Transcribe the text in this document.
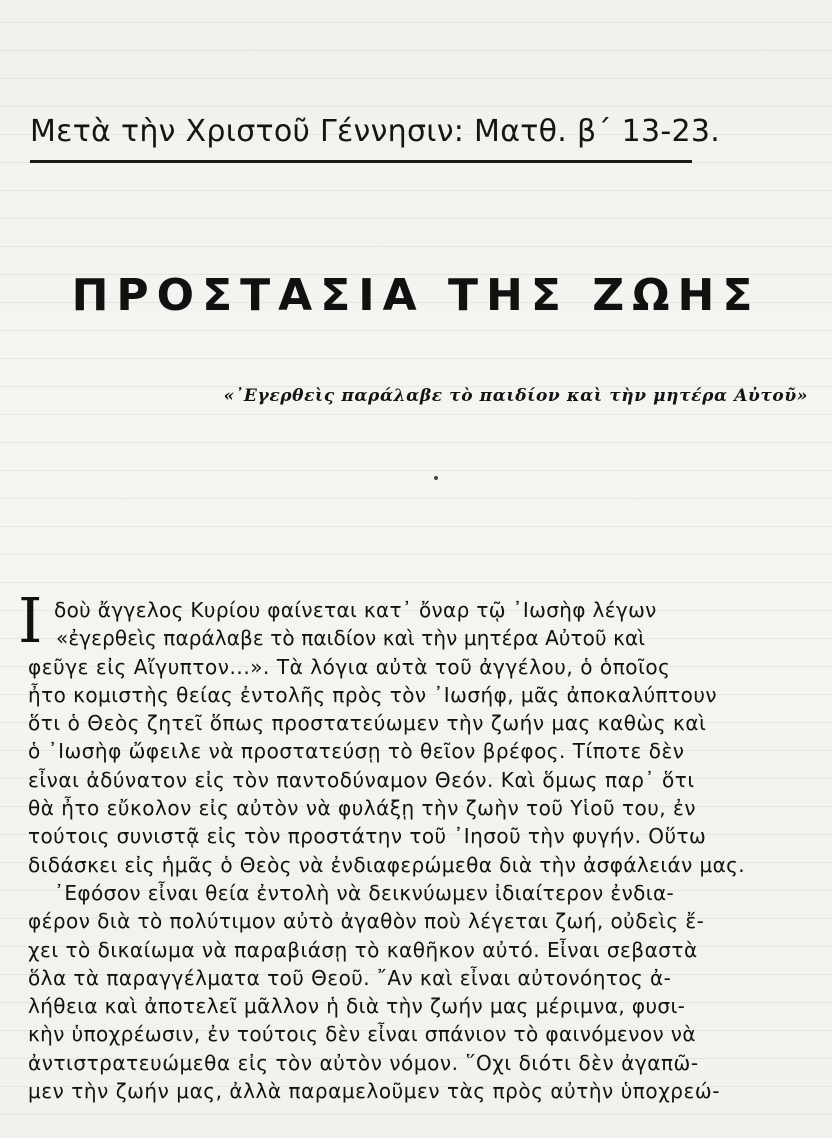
Μετὰ τὴν Χριστοῦ Γέννησιν: Ματθ. β΄ 13-23.
ΠΡΟΣΤΑΣΙΑ ΤΗΣ ΖΩΗΣ
«᾿Εγερθεὶς παράλαβε τὸ παιδίον καὶ τὴν μητέρα Αὐτοῦ»
Ι δοὺ ἄγγελος Κυρίου φαίνεται κατ᾿ ὄναρ τῷ ᾿Ιωσὴφ λέγων
«ἐγερθεὶς παράλαβε τὸ παιδίον καὶ τὴν μητέρα Αὐτοῦ καὶ
φεῦγε εἰς Αἴγυπτον...». Τὰ λόγια αὐτὰ τοῦ ἀγγέλου, ὁ ὁποῖος
ἦτο κομιστὴς θείας ἐντολῆς πρὸς τὸν ᾿Ιωσήφ, μᾶς ἀποκαλύπτουν
ὅτι ὁ Θεὸς ζητεῖ ὅπως προστατεύωμεν τὴν ζωήν μας καθὼς καὶ
ὁ ᾿Ιωσὴφ ὤφειλε νὰ προστατεύσῃ τὸ θεῖον βρέφος. Τίποτε δὲν
εἶναι ἀδύνατον εἰς τὸν παντοδύναμον Θεόν. Καὶ ὅμως παρ᾿ ὅτι
θὰ ἦτο εὔκολον εἰς αὐτὸν νὰ φυλάξῃ τὴν ζωὴν τοῦ Υἱοῦ του, ἐν
τούτοις συνιστᾷ εἰς τὸν προστάτην τοῦ ᾿Ιησοῦ τὴν φυγήν. Οὕτω
διδάσκει εἰς ἡμᾶς ὁ Θεὸς νὰ ἐνδιαφερώμεθα διὰ τὴν ἀσφάλειάν μας.
᾿Εφόσον εἶναι θεία ἐντολὴ νὰ δεικνύωμεν ἰδιαίτερον ἐνδια-
φέρον διὰ τὸ πολύτιμον αὐτὸ ἀγαθὸν ποὺ λέγεται ζωή, οὐδεὶς ἔ-
χει τὸ δικαίωμα νὰ παραβιάσῃ τὸ καθῆκον αὐτό. Εἶναι σεβαστὰ
ὅλα τὰ παραγγέλματα τοῦ Θεοῦ. ῎Αν καὶ εἶναι αὐτονόητος ἀ-
λήθεια καὶ ἀποτελεῖ μᾶλλον ἡ διὰ τὴν ζωήν μας μέριμνα, φυσι-
κὴν ὑποχρέωσιν, ἐν τούτοις δὲν εἶναι σπάνιον τὸ φαινόμενον νὰ
ἀντιστρατευώμεθα εἰς τὸν αὐτὸν νόμον. ῞Οχι διότι δὲν ἀγαπῶ-
μεν τὴν ζωήν μας, ἀλλὰ παραμελοῦμεν τὰς πρὸς αὐτὴν ὑποχρεώ-
